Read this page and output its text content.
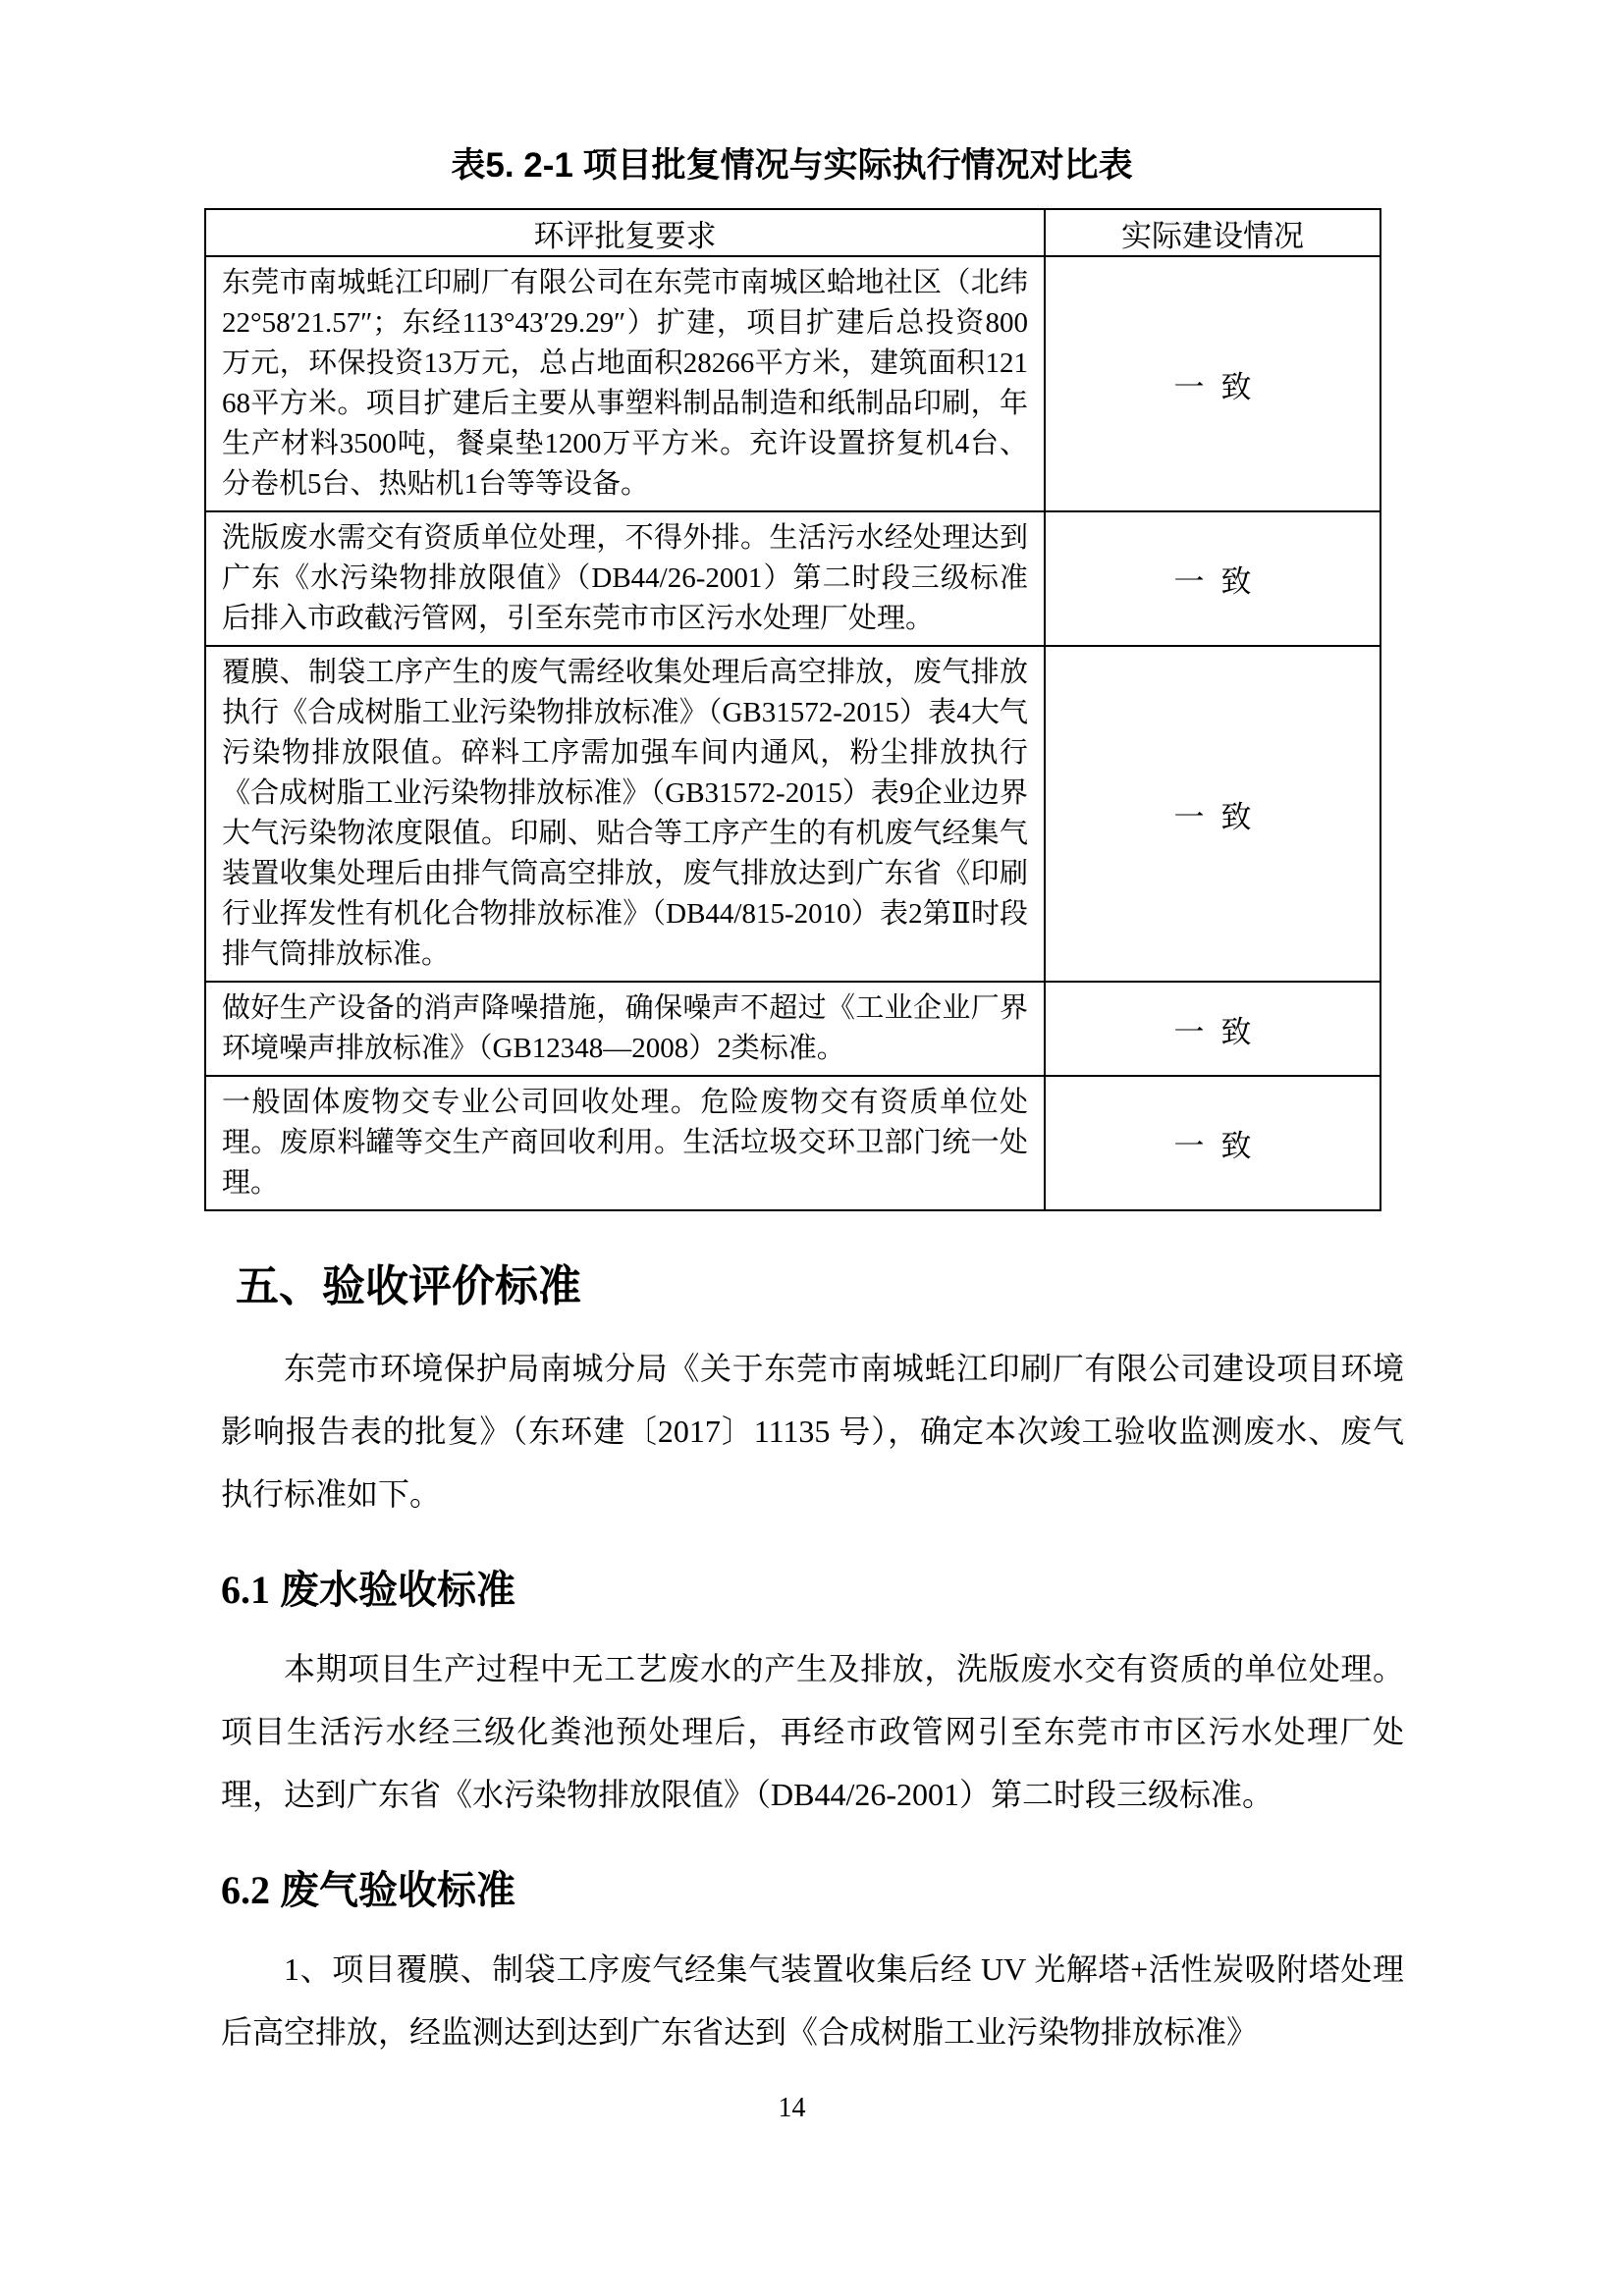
表5. 2-1 项目批复情况与实际执行情况对比表
环评批复要求	实际建设情况
东莞市南城蚝江印刷厂有限公司在东莞市南城区蛤地社区（北纬22°58′21.57″；东经113°43′29.29″）扩建，项目扩建后总投资800万元，环保投资13万元，总占地面积28266平方米，建筑面积12168平方米。项目扩建后主要从事塑料制品制造和纸制品印刷，年生产材料3500吨，餐桌垫1200万平方米。充许设置挤复机4台、分卷机5台、热贴机1台等等设备。	一致
洗版废水需交有资质单位处理，不得外排。生活污水经处理达到广东《水污染物排放限值》（DB44/26-2001）第二时段三级标准后排入市政截污管网，引至东莞市市区污水处理厂处理。	一致
覆膜、制袋工序产生的废气需经收集处理后高空排放，废气排放执行《合成树脂工业污染物排放标准》（GB31572-2015）表4大气污染物排放限值。碎料工序需加强车间内通风，粉尘排放执行《合成树脂工业污染物排放标准》（GB31572-2015）表9企业边界大气污染物浓度限值。印刷、贴合等工序产生的有机废气经集气装置收集处理后由排气筒高空排放，废气排放达到广东省《印刷行业挥发性有机化合物排放标准》（DB44/815-2010）表2第Ⅱ时段排气筒排放标准。	一致
做好生产设备的消声降噪措施，确保噪声不超过《工业企业厂界环境噪声排放标准》（GB12348—2008）2类标准。	一致
一般固体废物交专业公司回收处理。危险废物交有资质单位处理。废原料罐等交生产商回收利用。生活垃圾交环卫部门统一处理。	一致
五、验收评价标准

东莞市环境保护局南城分局《关于东莞市南城蚝江印刷厂有限公司建设项目环境影响报告表的批复》（东环建〔2017〕11135 号），确定本次竣工验收监测废水、废气执行标准如下。

6.1 废水验收标准

本期项目生产过程中无工艺废水的产生及排放，洗版废水交有资质的单位处理。项目生活污水经三级化粪池预处理后，再经市政管网引至东莞市市区污水处理厂处理，达到广东省《水污染物排放限值》（DB44/26-2001）第二时段三级标准。

6.2 废气验收标准

1、项目覆膜、制袋工序废气经集气装置收集后经 UV 光解塔+活性炭吸附塔处理后高空排放，经监测达到达到广东省达到《合成树脂工业污染物排放标准》

14
